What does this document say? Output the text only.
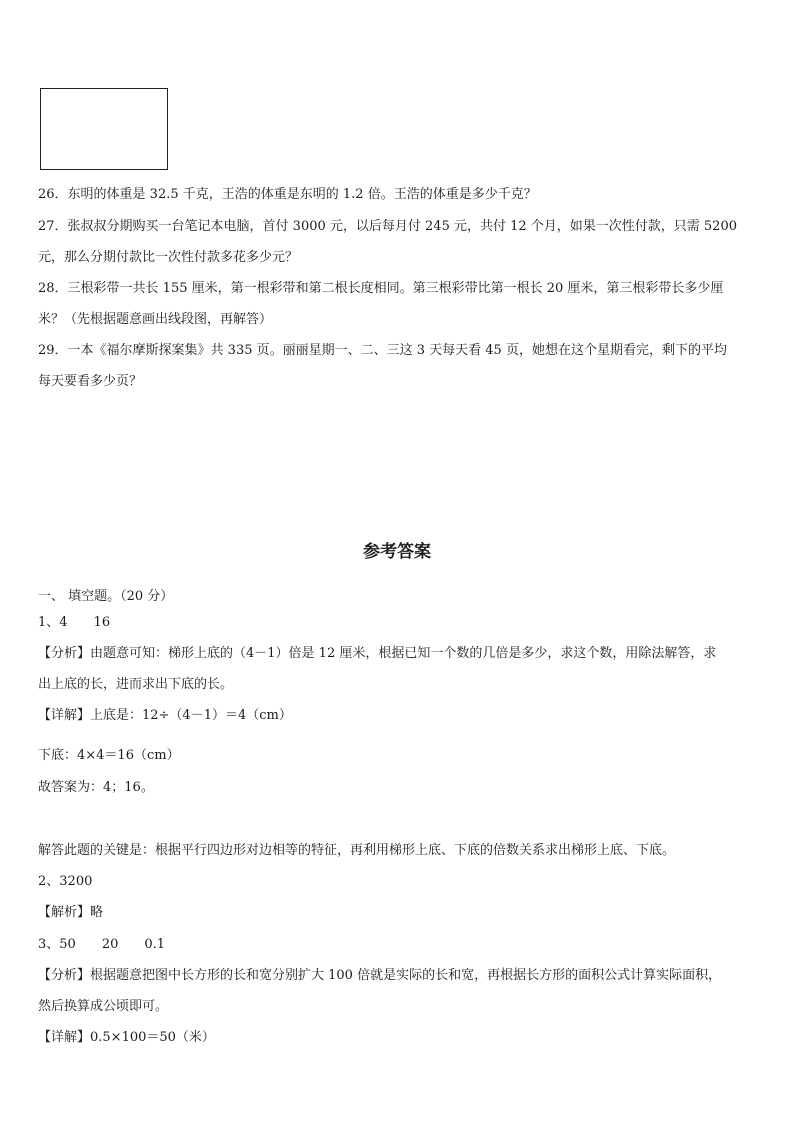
26．东明的体重是 32.5 千克，王浩的体重是东明的 1.2 倍。王浩的体重是多少千克？
27．张叔叔分期购买一台笔记本电脑，首付 3000 元，以后每月付 245 元，共付 12 个月，如果一次性付款，只需 5200
元，那么分期付款比一次性付款多花多少元？
28．三根彩带一共长 155 厘米，第一根彩带和第二根长度相同。第三根彩带比第一根长 20 厘米，第三根彩带长多少厘
米？（先根据题意画出线段图，再解答）
29．一本《福尔摩斯探案集》共 335 页。丽丽星期一、二、三这 3 天每天看 45 页，她想在这个星期看完，剩下的平均
每天要看多少页？
参考答案
一、 填空题。（20 分）
1、4　　16
【分析】由题意可知：梯形上底的（4－1）倍是 12 厘米，根据已知一个数的几倍是多少，求这个数，用除法解答，求
出上底的长，进而求出下底的长。
【详解】上底是：12÷（4－1）＝4（cm）
下底：4×4＝16（cm）
故答案为：4；16。
解答此题的关键是：根据平行四边形对边相等的特征，再利用梯形上底、下底的倍数关系求出梯形上底、下底。
2、3200
【解析】略
3、50　　20　　0.1
【分析】根据题意把图中长方形的长和宽分别扩大 100 倍就是实际的长和宽，再根据长方形的面积公式计算实际面积，
然后换算成公顷即可。
【详解】0.5×100＝50（米）
